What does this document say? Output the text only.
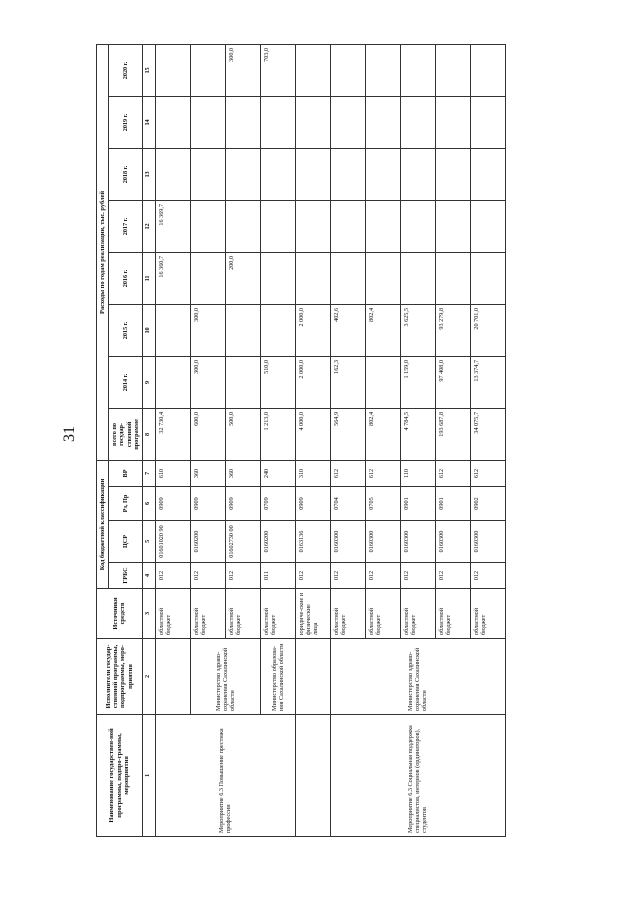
31
Наименование государствен-ной программы, подпро-граммы, мероприятия	Исполнители государ-ственной программы, подпрограммы, меро-приятия	Источники средств	Код бюджетной классификации				Расходы по годам реализации, тыс. рублей							
			ГРБС	ЦСР	Рз, Пр	ВР	всего по государ-ственной программе	2014 г.	2015 г.	2016 г.	2017 г.	2018 г.	2019 г.	2020 г.
1	2	3	4	5	6	7	8	9	10	11	12	13	14	15
Мероприятие 6.3 Повышение престижа профессии		областной бюджет	012	01601020 90	0909	610	32 730,4			16 360,7	16 369,7			
	Министерство здраво-охранения Сахалинской области	областной бюджет	012	0160200	0909	360	600,0	300,0	300,0					
		областной бюджет	012	01602730 00	0909	360	500,0			200,0				300,0
	Министерство образова-ния Сахалинской области	областной бюджет	011	0160200	0709	240	1 213,0	510,0						703,0
		юридиче-ские и физические лица	012	0163136	0909	310	4 000,0	2 000,0	2 000,0					
Мероприятие 6.3 Социальная поддержка специалистов, интернов (ординаторов), студентов	Министерство здраво-охранения Сахалинской области	областной бюджет	012	0160300	0704	612	564,9	162,3	402,6					
		областной бюджет	012	0160300	0705	612	802,4		802,4					
		областной бюджет	012	0160300	0901	110	4 784,5	1 159,0	3 625,5					
		областной бюджет	012	0160300	0901	612	193 687,8	97 408,0	93 279,8					
		областной бюджет	012	0160300	0902	612	34 075,7	13 374,7	20 701,0					
